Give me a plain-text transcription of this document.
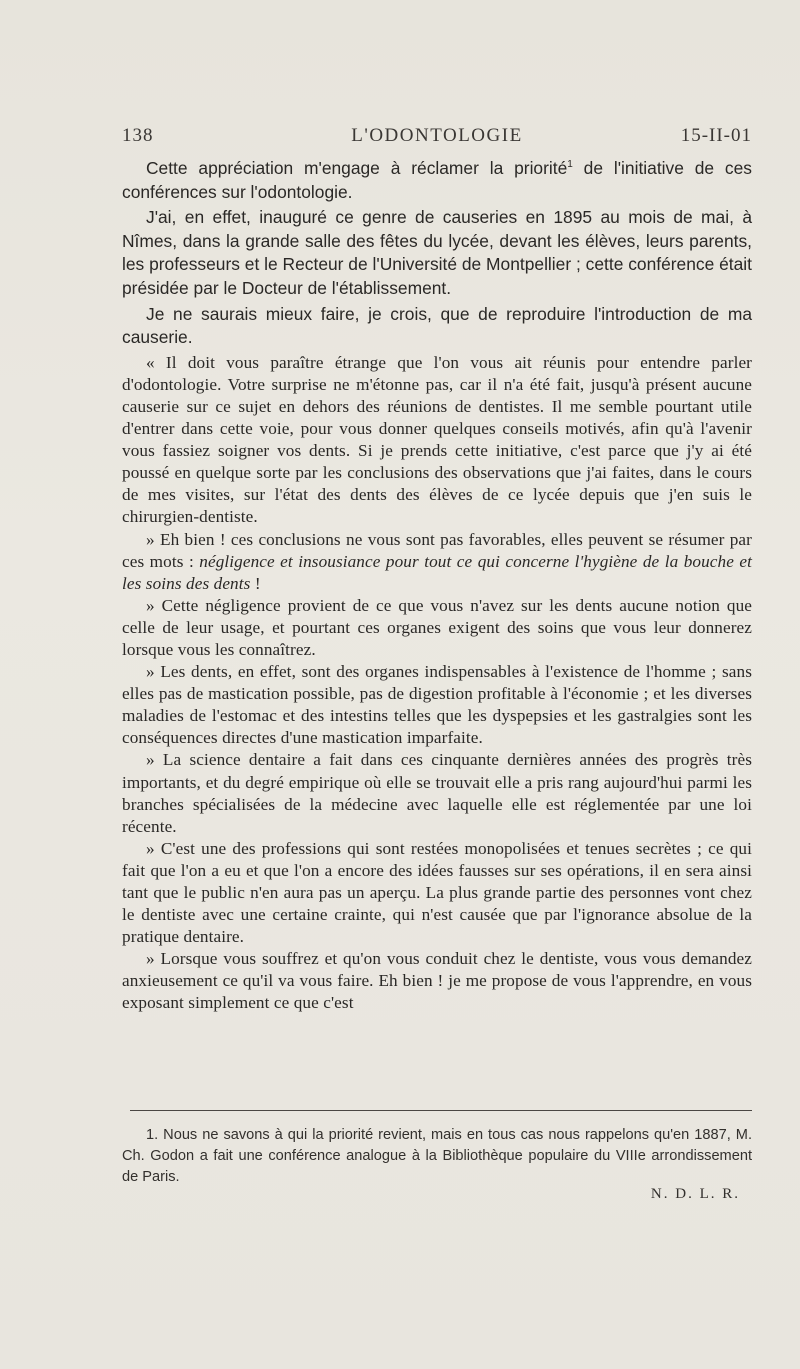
138	L'ODONTOLOGIE	15-II-01

Cette appréciation m'engage à réclamer la priorité$^1$ de l'initiative de ces conférences sur l'odontologie.

J'ai, en effet, inauguré ce genre de causeries en 1895 au mois de mai, à Nîmes, dans la grande salle des fêtes du lycée, devant les élèves, leurs parents, les professeurs et le Recteur de l'Université de Montpellier ; cette conférence était présidée par le Docteur de l'établissement.

Je ne saurais mieux faire, je crois, que de reproduire l'introduction de ma causerie.

« Il doit vous paraître étrange que l'on vous ait réunis pour entendre parler d'odontologie. Votre surprise ne m'étonne pas, car il n'a été fait, jusqu'à présent aucune causerie sur ce sujet en dehors des réunions de dentistes. Il me semble pourtant utile d'entrer dans cette voie, pour vous donner quelques conseils motivés, afin qu'à l'avenir vous fassiez soigner vos dents. Si je prends cette initiative, c'est parce que j'y ai été poussé en quelque sorte par les conclusions des observations que j'ai faites, dans le cours de mes visites, sur l'état des dents des élèves de ce lycée depuis que j'en suis le chirurgien-dentiste.

» Eh bien ! ces conclusions ne vous sont pas favorables, elles peuvent se résumer par ces mots : négligence et insousiance pour tout ce qui concerne l'hygiène de la bouche et les soins des dents !

» Cette négligence provient de ce que vous n'avez sur les dents aucune notion que celle de leur usage, et pourtant ces organes exigent des soins que vous leur donnerez lorsque vous les connaîtrez.

» Les dents, en effet, sont des organes indispensables à l'existence de l'homme ; sans elles pas de mastication possible, pas de digestion profitable à l'économie ; et les diverses maladies de l'estomac et des intestins telles que les dyspepsies et les gastralgies sont les conséquences directes d'une mastication imparfaite.

» La science dentaire a fait dans ces cinquante dernières années des progrès très importants, et du degré empirique où elle se trouvait elle a pris rang aujourd'hui parmi les branches spécialisées de la médecine avec laquelle elle est réglementée par une loi récente.

» C'est une des professions qui sont restées monopolisées et tenues secrètes ; ce qui fait que l'on a eu et que l'on a encore des idées fausses sur ses opérations, il en sera ainsi tant que le public n'en aura pas un aperçu. La plus grande partie des personnes vont chez le dentiste avec une certaine crainte, qui n'est causée que par l'ignorance absolue de la pratique dentaire.

» Lorsque vous souffrez et qu'on vous conduit chez le dentiste, vous vous demandez anxieusement ce qu'il va vous faire. Eh bien ! je me propose de vous l'apprendre, en vous exposant simplement ce que c'est

1. Nous ne savons à qui la priorité revient, mais en tous cas nous rappelons qu'en 1887, M. Ch. Godon a fait une conférence analogue à la Bibliothèque populaire du VIIIe arrondissement de Paris.

N. D. L. R.
